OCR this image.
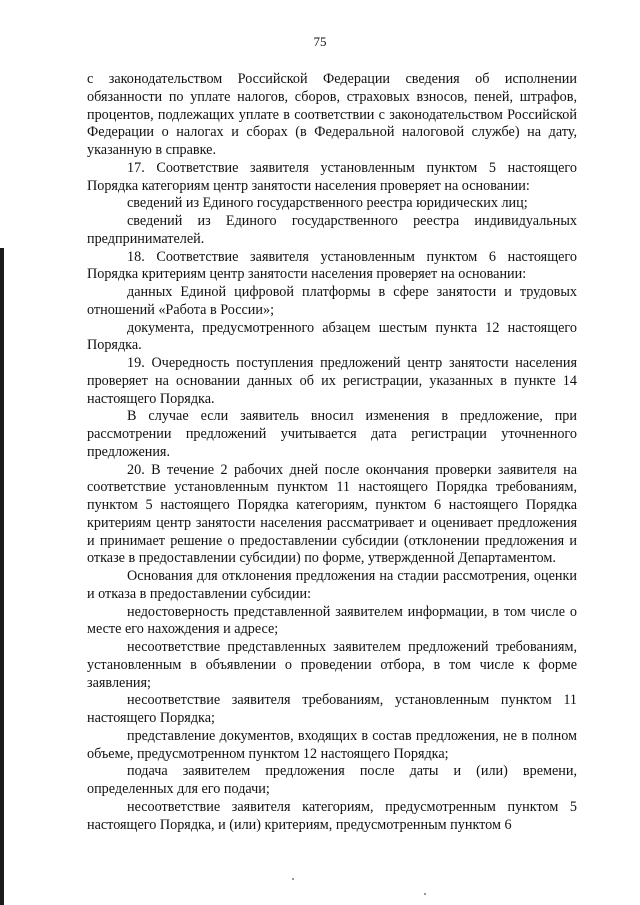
75

с законодательством Российской Федерации сведения об исполнении обязанности по уплате налогов, сборов, страховых взносов, пеней, штрафов, процентов, подлежащих уплате в соответствии с законодательством Российской Федерации о налогах и сборах (в Федеральной налоговой службе) на дату, указанную в справке.

17. Соответствие заявителя установленным пунктом 5 настоящего Порядка категориям центр занятости населения проверяет на основании:

сведений из Единого государственного реестра юридических лиц;

сведений из Единого государственного реестра индивидуальных предпринимателей.

18. Соответствие заявителя установленным пунктом 6 настоящего Порядка критериям центр занятости населения проверяет на основании:

данных Единой цифровой платформы в сфере занятости и трудовых отношений «Работа в России»;

документа, предусмотренного абзацем шестым пункта 12 настоящего Порядка.

19. Очередность поступления предложений центр занятости населения проверяет на основании данных об их регистрации, указанных в пункте 14 настоящего Порядка.

В случае если заявитель вносил изменения в предложение, при рассмотрении предложений учитывается дата регистрации уточненного предложения.

20. В течение 2 рабочих дней после окончания проверки заявителя на соответствие установленным пунктом 11 настоящего Порядка требованиям, пунктом 5 настоящего Порядка категориям, пунктом 6 настоящего Порядка критериям центр занятости населения рассматривает и оценивает предложения и принимает решение о предоставлении субсидии (отклонении предложения и отказе в предоставлении субсидии) по форме, утвержденной Департаментом.

Основания для отклонения предложения на стадии рассмотрения, оценки и отказа в предоставлении субсидии:

недостоверность представленной заявителем информации, в том числе о месте его нахождения и адресе;

несоответствие представленных заявителем предложений требованиям, установленным в объявлении о проведении отбора, в том числе к форме заявления;

несоответствие заявителя требованиям, установленным пунктом 11 настоящего Порядка;

представление документов, входящих в состав предложения, не в полном объеме, предусмотренном пунктом 12 настоящего Порядка;

подача заявителем предложения после даты и (или) времени, определенных для его подачи;

несоответствие заявителя категориям, предусмотренным пунктом 5 настоящего Порядка, и (или) критериям, предусмотренным пунктом 6
